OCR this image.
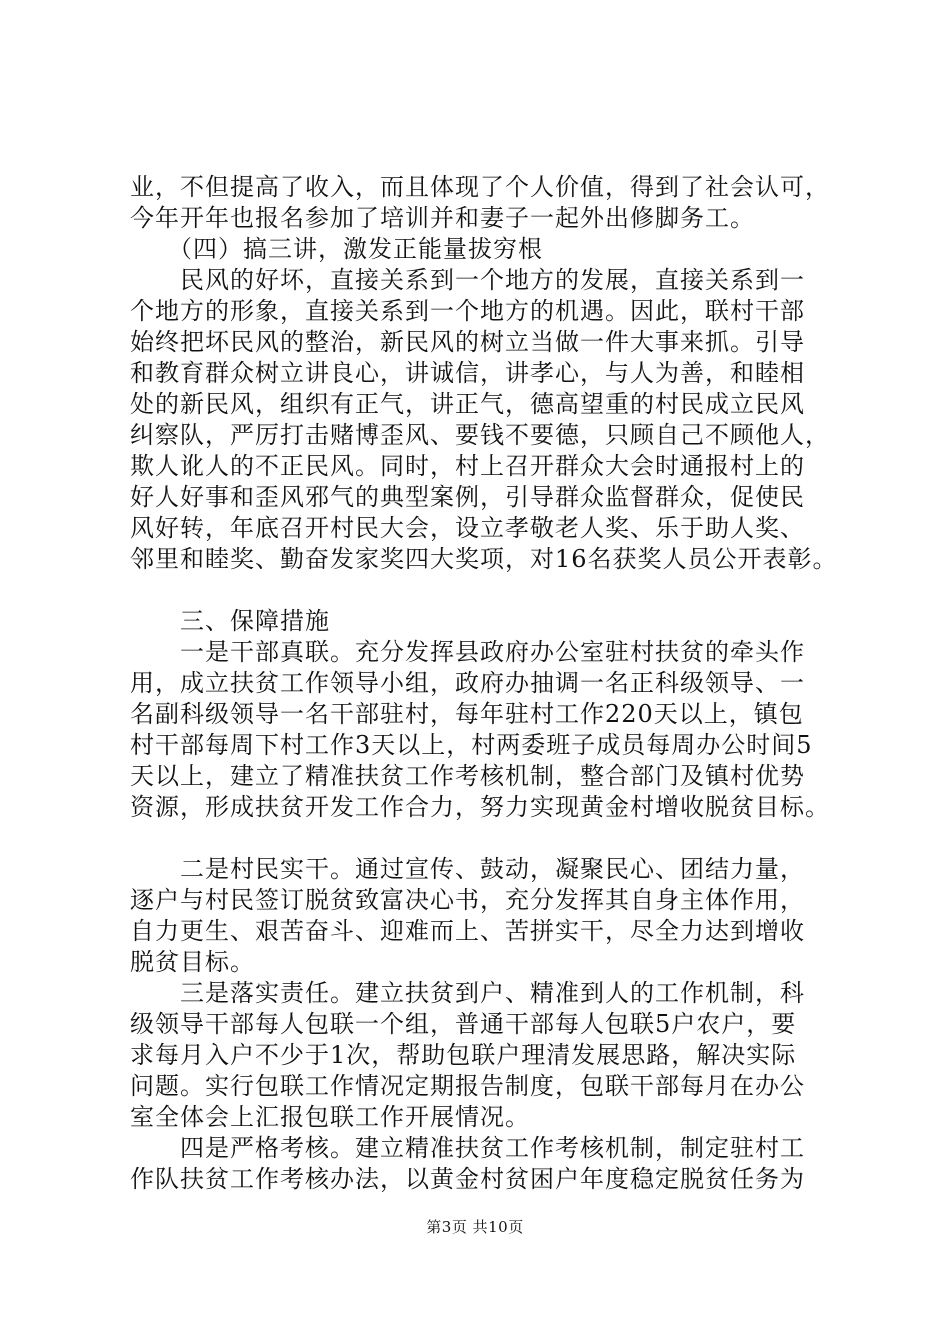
业，不但提高了收入，而且体现了个人价值，得到了社会认可，
今年开年也报名参加了培训并和妻子一起外出修脚务工。
　　（四）搞三讲，激发正能量拔穷根
　　民风的好坏，直接关系到一个地方的发展，直接关系到一
个地方的形象，直接关系到一个地方的机遇。因此，联村干部
始终把坏民风的整治，新民风的树立当做一件大事来抓。引导
和教育群众树立讲良心，讲诚信，讲孝心，与人为善，和睦相
处的新民风，组织有正气，讲正气，德高望重的村民成立民风
纠察队，严厉打击赌博歪风、要钱不要德，只顾自己不顾他人，
欺人讹人的不正民风。同时，村上召开群众大会时通报村上的
好人好事和歪风邪气的典型案例，引导群众监督群众，促使民
风好转，年底召开村民大会，设立孝敬老人奖、乐于助人奖、
邻里和睦奖、勤奋发家奖四大奖项，对16名获奖人员公开表彰。
　　三、保障措施
　　一是干部真联。充分发挥县政府办公室驻村扶贫的牵头作
用，成立扶贫工作领导小组，政府办抽调一名正科级领导、一
名副科级领导一名干部驻村，每年驻村工作220天以上，镇包
村干部每周下村工作3天以上，村两委班子成员每周办公时间5
天以上，建立了精准扶贫工作考核机制，整合部门及镇村优势
资源，形成扶贫开发工作合力，努力实现黄金村增收脱贫目标。
　　二是村民实干。通过宣传、鼓动，凝聚民心、团结力量，
逐户与村民签订脱贫致富决心书，充分发挥其自身主体作用，
自力更生、艰苦奋斗、迎难而上、苦拼实干，尽全力达到增收
脱贫目标。
　　三是落实责任。建立扶贫到户、精准到人的工作机制，科
级领导干部每人包联一个组，普通干部每人包联5户农户，要
求每月入户不少于1次，帮助包联户理清发展思路，解决实际
问题。实行包联工作情况定期报告制度，包联干部每月在办公
室全体会上汇报包联工作开展情况。
　　四是严格考核。建立精准扶贫工作考核机制，制定驻村工
作队扶贫工作考核办法，以黄金村贫困户年度稳定脱贫任务为
第3页 共10页
